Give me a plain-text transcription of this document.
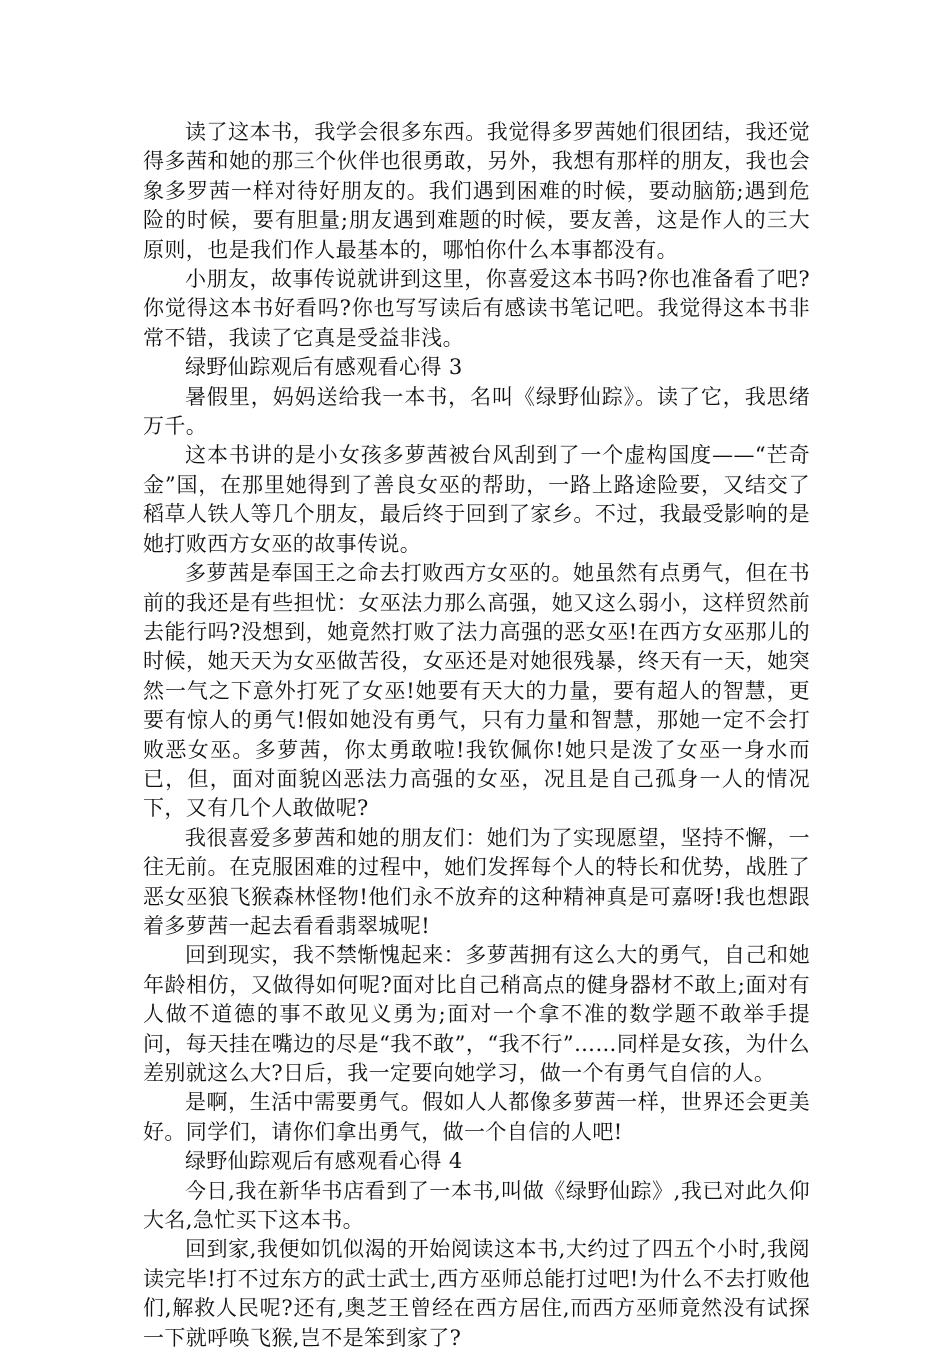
读了这本书，我学会很多东西。我觉得多罗茜她们很团结，我还觉得多茜和她的那三个伙伴也很勇敢，另外，我想有那样的朋友，我也会象多罗茜一样对待好朋友的。我们遇到困难的时候，要动脑筋;遇到危险的时候，要有胆量;朋友遇到难题的时候，要友善，这是作人的三大原则，也是我们作人最基本的，哪怕你什么本事都没有。

小朋友，故事传说就讲到这里，你喜爱这本书吗?你也准备看了吧?你觉得这本书好看吗?你也写写读后有感读书笔记吧。我觉得这本书非常不错，我读了它真是受益非浅。

绿野仙踪观后有感观看心得 3

暑假里，妈妈送给我一本书，名叫《绿野仙踪》。读了它，我思绪万千。

这本书讲的是小女孩多萝茜被台风刮到了一个虚构国度——“芒奇金”国，在那里她得到了善良女巫的帮助，一路上路途险要，又结交了稻草人铁人等几个朋友，最后终于回到了家乡。不过，我最受影响的是她打败西方女巫的故事传说。

多萝茜是奉国王之命去打败西方女巫的。她虽然有点勇气，但在书前的我还是有些担忧：女巫法力那么高强，她又这么弱小，这样贸然前去能行吗?没想到，她竟然打败了法力高强的恶女巫!在西方女巫那儿的时候，她天天为女巫做苦役，女巫还是对她很残暴，终天有一天，她突然一气之下意外打死了女巫!她要有天大的力量，要有超人的智慧，更要有惊人的勇气!假如她没有勇气，只有力量和智慧，那她一定不会打败恶女巫。多萝茜，你太勇敢啦!我钦佩你!她只是泼了女巫一身水而已，但，面对面貌凶恶法力高强的女巫，况且是自己孤身一人的情况下，又有几个人敢做呢?

我很喜爱多萝茜和她的朋友们：她们为了实现愿望，坚持不懈，一往无前。在克服困难的过程中，她们发挥每个人的特长和优势，战胜了恶女巫狼飞猴森林怪物!他们永不放弃的这种精神真是可嘉呀!我也想跟着多萝茜一起去看看翡翠城呢!

回到现实，我不禁惭愧起来：多萝茜拥有这么大的勇气，自己和她年龄相仿，又做得如何呢?面对比自己稍高点的健身器材不敢上;面对有人做不道德的事不敢见义勇为;面对一个拿不准的数学题不敢举手提问，每天挂在嘴边的尽是“我不敢”，“我不行”……同样是女孩，为什么差别就这么大?日后，我一定要向她学习，做一个有勇气自信的人。

是啊，生活中需要勇气。假如人人都像多萝茜一样，世界还会更美好。同学们，请你们拿出勇气，做一个自信的人吧!

绿野仙踪观后有感观看心得 4

今日,我在新华书店看到了一本书,叫做《绿野仙踪》,我已对此久仰大名,急忙买下这本书。

回到家,我便如饥似渴的开始阅读这本书,大约过了四五个小时,我阅读完毕!打不过东方的武士武士,西方巫师总能打过吧!为什么不去打败他们,解救人民呢?还有,奥芝王曾经在西方居住,而西方巫师竟然没有试探一下就呼唤飞猴,岂不是笨到家了?
